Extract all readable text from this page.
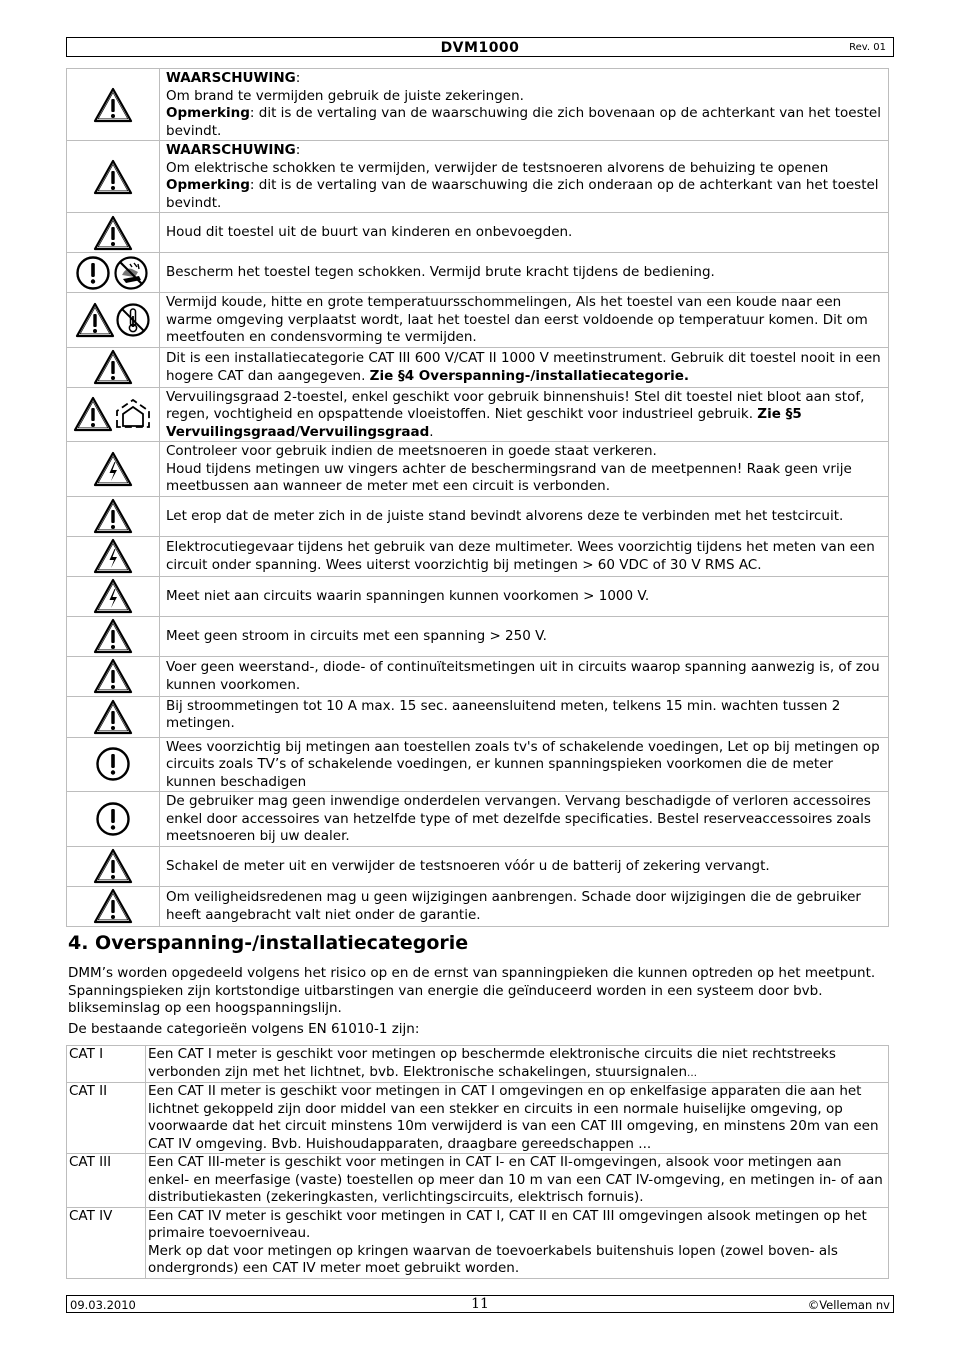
DVM1000	Rev. 01

WAARSCHUWING:
Om brand te vermijden gebruik de juiste zekeringen.
Opmerking: dit is de vertaling van de waarschuwing die zich bovenaan op de achterkant van het toestel bevindt.

WAARSCHUWING:
Om elektrische schokken te vermijden, verwijder de testsnoeren alvorens de behuizing te openen
Opmerking: dit is de vertaling van de waarschuwing die zich onderaan op de achterkant van het toestel bevindt.

Houd dit toestel uit de buurt van kinderen en onbevoegden.

Bescherm het toestel tegen schokken. Vermijd brute kracht tijdens de bediening.

Vermijd koude, hitte en grote temperatuursschommelingen, Als het toestel van een koude naar een warme omgeving verplaatst wordt, laat het toestel dan eerst voldoende op temperatuur komen. Dit om meetfouten en condensvorming te vermijden.

Dit is een installatiecategorie CAT III 600 V/CAT II 1000 V meetinstrument. Gebruik dit toestel nooit in een hogere CAT dan aangegeven. Zie §4 Overspanning-/installatiecategorie.

Vervuilingsgraad 2-toestel, enkel geschikt voor gebruik binnenshuis! Stel dit toestel niet bloot aan stof, regen, vochtigheid en opspattende vloeistoffen. Niet geschikt voor industrieel gebruik. Zie §5 Vervuilingsgraad/Vervuilingsgraad.

Controleer voor gebruik indien de meetsnoeren in goede staat verkeren.
Houd tijdens metingen uw vingers achter de beschermingsrand van de meetpennen! Raak geen vrije meetbussen aan wanneer de meter met een circuit is verbonden.

Let erop dat de meter zich in de juiste stand bevindt alvorens deze te verbinden met het testcircuit.

Elektrocutiegevaar tijdens het gebruik van deze multimeter. Wees voorzichtig tijdens het meten van een circuit onder spanning. Wees uiterst voorzichtig bij metingen > 60 VDC of 30 V RMS AC.

Meet niet aan circuits waarin spanningen kunnen voorkomen > 1000 V.

Meet geen stroom in circuits met een spanning > 250 V.

Voer geen weerstand-, diode- of continuïteitsmetingen uit in circuits waarop spanning aanwezig is, of zou kunnen voorkomen.

Bij stroommetingen tot 10 A max. 15 sec. aaneensluitend meten, telkens 15 min. wachten tussen 2 metingen.

Wees voorzichtig bij metingen aan toestellen zoals tv's of schakelende voedingen, Let op bij metingen op circuits zoals TV’s of schakelende voedingen, er kunnen spanningspieken voorkomen die de meter kunnen beschadigen

De gebruiker mag geen inwendige onderdelen vervangen. Vervang beschadigde of verloren accessoires enkel door accessoires van hetzelfde type of met dezelfde specificaties. Bestel reserveaccessoires zoals meetsnoeren bij uw dealer.

Schakel de meter uit en verwijder de testsnoeren vóór u de batterij of zekering vervangt.

Om veiligheidsredenen mag u geen wijzigingen aanbrengen. Schade door wijzigingen die de gebruiker heeft aangebracht valt niet onder de garantie.
4. Overspanning-/installatiecategorie

DMM’s worden opgedeeld volgens het risico op en de ernst van spanningpieken die kunnen optreden op het meetpunt. Spanningspieken zijn kortstondige uitbarstingen van energie die geïnduceerd worden in een systeem door bvb. blikseminslag op een hoogspanningslijn.

De bestaande categorieën volgens EN 61010-1 zijn:

CAT I	Een CAT I meter is geschikt voor metingen op beschermde elektronische circuits die niet rechtstreeks verbonden zijn met het lichtnet, bvb. Elektronische schakelingen, stuursignalen…

CAT II	Een CAT II meter is geschikt voor metingen in CAT I omgevingen en op enkelfasige apparaten die aan het lichtnet gekoppeld zijn door middel van een stekker en circuits in een normale huiselijke omgeving, op voorwaarde dat het circuit minstens 10m verwijderd is van een CAT III omgeving, en minstens 20m van een CAT IV omgeving. Bvb. Huishoudapparaten, draagbare gereedschappen ...

CAT III	Een CAT III-meter is geschikt voor metingen in CAT I- en CAT II-omgevingen, alsook voor metingen aan enkel- en meerfasige (vaste) toestellen op meer dan 10 m van een CAT IV-omgeving, en metingen in- of aan distributiekasten (zekeringkasten, verlichtingscircuits, elektrisch fornuis).

CAT IV	Een CAT IV meter is geschikt voor metingen in CAT I, CAT II en CAT III omgevingen alsook metingen op het primaire toevoerniveau.
Merk op dat voor metingen op kringen waarvan de toevoerkabels buitenshuis lopen (zowel boven- als ondergronds) een CAT IV meter moet gebruikt worden.
09.03.2010	11	©Velleman nv
